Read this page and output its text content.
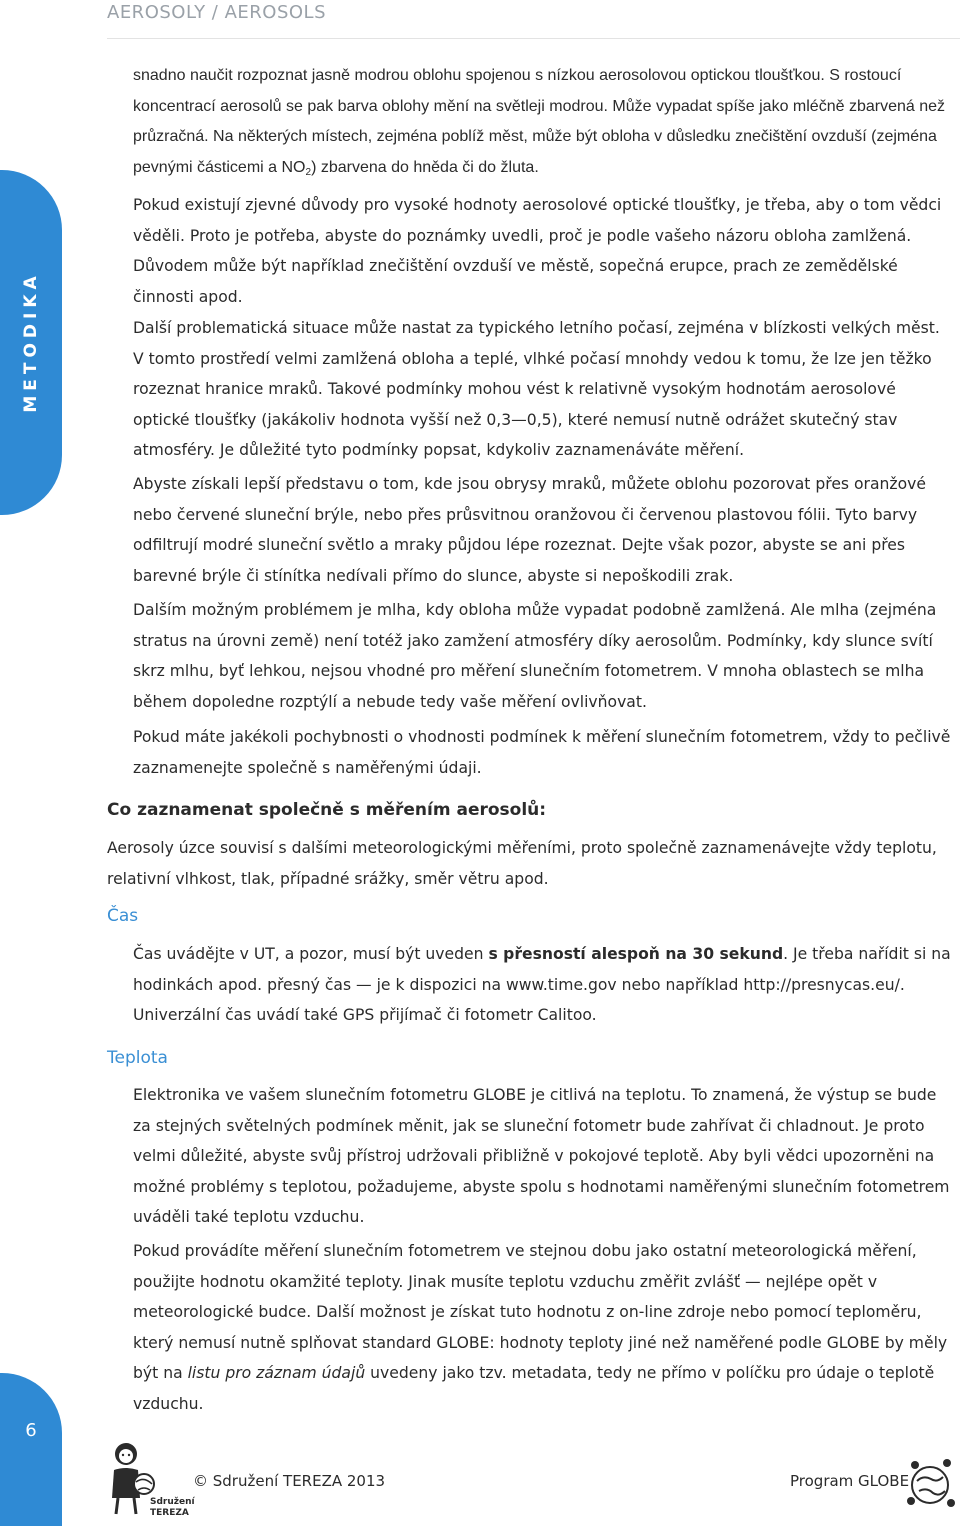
AEROSOLY / AEROSOLS
METODIKA

snadno naučit rozpoznat jasně modrou oblohu spojenou s nízkou aerosolovou optickou tloušťkou. S rostoucí koncentrací aerosolů se pak barva oblohy mění na světleji modrou. Může vypadat spíše jako mléčně zbarvená než průzračná. Na některých místech, zejména poblíž měst, může být obloha v důsledku znečištění ovzduší (zejména pevnými částicemi a $NO_2$) zbarvena do hněda či do žluta.

Pokud existují zjevné důvody pro vysoké hodnoty aerosolové optické tloušťky, je třeba, aby o tom vědci věděli. Proto je potřeba, abyste do poznámky uvedli, proč je podle vašeho názoru obloha zamlžená. Důvodem může být například znečištění ovzduší ve městě, sopečná erupce, prach ze zemědělské činnosti apod.

Další problematická situace může nastat za typického letního počasí, zejména v blízkosti velkých měst. V tomto prostředí velmi zamlžená obloha a teplé, vlhké počasí mnohdy vedou k tomu, že lze jen těžko rozeznat hranice mraků. Takové podmínky mohou vést k relativně vysokým hodnotám aerosolové optické tloušťky (jakákoliv hodnota vyšší než 0,3—0,5), které nemusí nutně odrážet skutečný stav atmosféry. Je důležité tyto podmínky popsat, kdykoliv zaznamenáváte měření.

Abyste získali lepší představu o tom, kde jsou obrysy mraků, můžete oblohu pozorovat přes oranžové nebo červené sluneční brýle, nebo přes průsvitnou oranžovou či červenou plastovou fólii. Tyto barvy odfiltrují modré sluneční světlo a mraky půjdou lépe rozeznat. Dejte však pozor, abyste se ani přes barevné brýle či stínítka nedívali přímo do slunce, abyste si nepoškodili zrak.

Dalším možným problémem je mlha, kdy obloha může vypadat podobně zamlžená. Ale mlha (zejména stratus na úrovni země) není totéž jako zamžení atmosféry díky aerosolům. Podmínky, kdy slunce svítí skrz mlhu, byť lehkou, nejsou vhodné pro měření slunečním fotometrem. V mnoha oblastech se mlha během dopoledne rozptýlí a nebude tedy vaše měření ovlivňovat.

Pokud máte jakékoli pochybnosti o vhodnosti podmínek k měření slunečním fotometrem, vždy to pečlivě zaznamenejte společně s naměřenými údaji.

Co zaznamenat společně s měřením aerosolů:

Aerosoly úzce souvisí s dalšími meteorologickými měřeními, proto společně zaznamenávejte vždy teplotu, relativní vlhkost, tlak, případné srážky, směr větru apod.

Čas

Čas uvádějte v UT, a pozor, musí být uveden s přesností alespoň na 30 sekund. Je třeba nařídit si na hodinkách apod. přesný čas — je k dispozici na www.time.gov nebo například http://presnycas.eu/. Univerzální čas uvádí také GPS přijímač či fotometr Calitoo.

Teplota

Elektronika ve vašem slunečním fotometru GLOBE je citlivá na teplotu. To znamená, že výstup se bude za stejných světelných podmínek měnit, jak se sluneční fotometr bude zahřívat či chladnout. Je proto velmi důležité, abyste svůj přístroj udržovali přibližně v pokojové teplotě. Aby byli vědci upozorněni na možné problémy s teplotou, požadujeme, abyste spolu s hodnotami naměřenými slunečním fotometrem uváděli také teplotu vzduchu.

Pokud provádíte měření slunečním fotometrem ve stejnou dobu jako ostatní meteorologická měření, použijte hodnotu okamžité teploty. Jinak musíte teplotu vzduchu změřit zvlášť — nejlépe opět v meteorologické budce. Další možnost je získat tuto hodnotu z on-line zdroje nebo pomocí teploměru, který nemusí nutně splňovat standard GLOBE: hodnoty teploty jiné než naměřené podle GLOBE by měly být na listu pro záznam údajů uvedeny jako tzv. metadata, tedy ne přímo v políčku pro údaje o teplotě vzduchu.

6
Sdružení TEREZA
© Sdružení TEREZA 2013	Program GLOBE
